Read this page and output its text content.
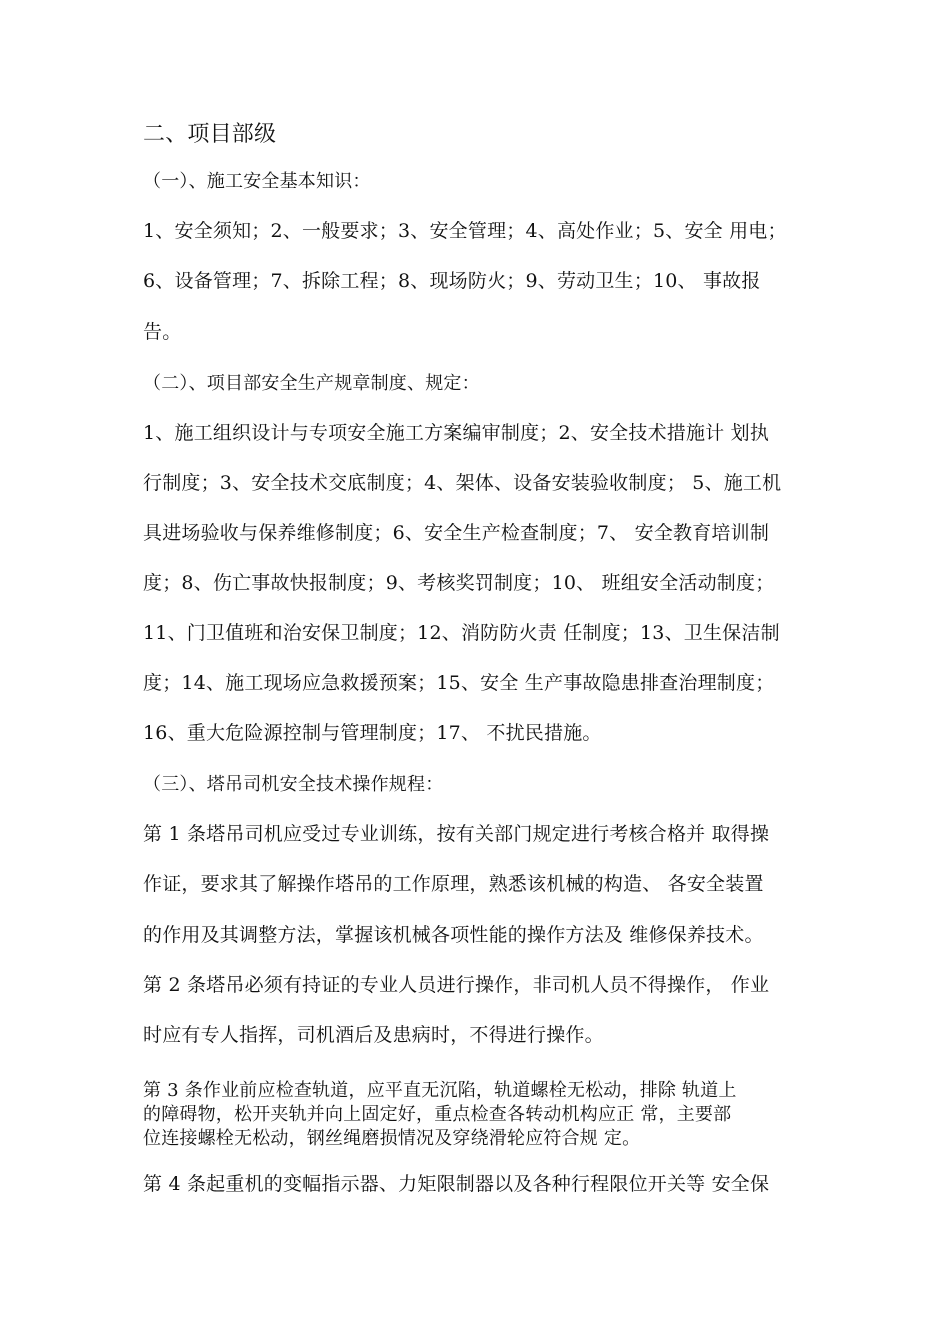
二、项目部级
（一）、施工安全基本知识：
1、安全须知；2、一般要求；3、安全管理；4、高处作业；5、安全 用电；
6、设备管理；7、拆除工程；8、现场防火；9、劳动卫生；10、 事故报
告。
（二）、项目部安全生产规章制度、规定：
1、施工组织设计与专项安全施工方案编审制度；2、安全技术措施计 划执
行制度；3、安全技术交底制度；4、架体、设备安装验收制度； 5、施工机
具进场验收与保养维修制度；6、安全生产检查制度；7、 安全教育培训制
度；8、伤亡事故快报制度；9、考核奖罚制度；10、 班组安全活动制度；
11、门卫值班和治安保卫制度；12、消防防火责 任制度；13、卫生保洁制
度；14、施工现场应急救援预案；15、安全 生产事故隐患排查治理制度；
16、重大危险源控制与管理制度；17、 不扰民措施。
（三）、塔吊司机安全技术操作规程：
第 1 条塔吊司机应受过专业训练，按有关部门规定进行考核合格并 取得操
作证，要求其了解操作塔吊的工作原理，熟悉该机械的构造、 各安全装置
的作用及其调整方法，掌握该机械各项性能的操作方法及 维修保养技术。
第 2 条塔吊必须有持证的专业人员进行操作，非司机人员不得操作， 作业
时应有专人指挥，司机酒后及患病时，不得进行操作。
第 3 条作业前应检查轨道，应平直无沉陷，轨道螺栓无松动，排除 轨道上
的障碍物，松开夹轨并向上固定好，重点检查各转动机构应正 常，主要部
位连接螺栓无松动，钢丝绳磨损情况及穿绕滑轮应符合规 定。
第 4 条起重机的变幅指示器、力矩限制器以及各种行程限位开关等 安全保
